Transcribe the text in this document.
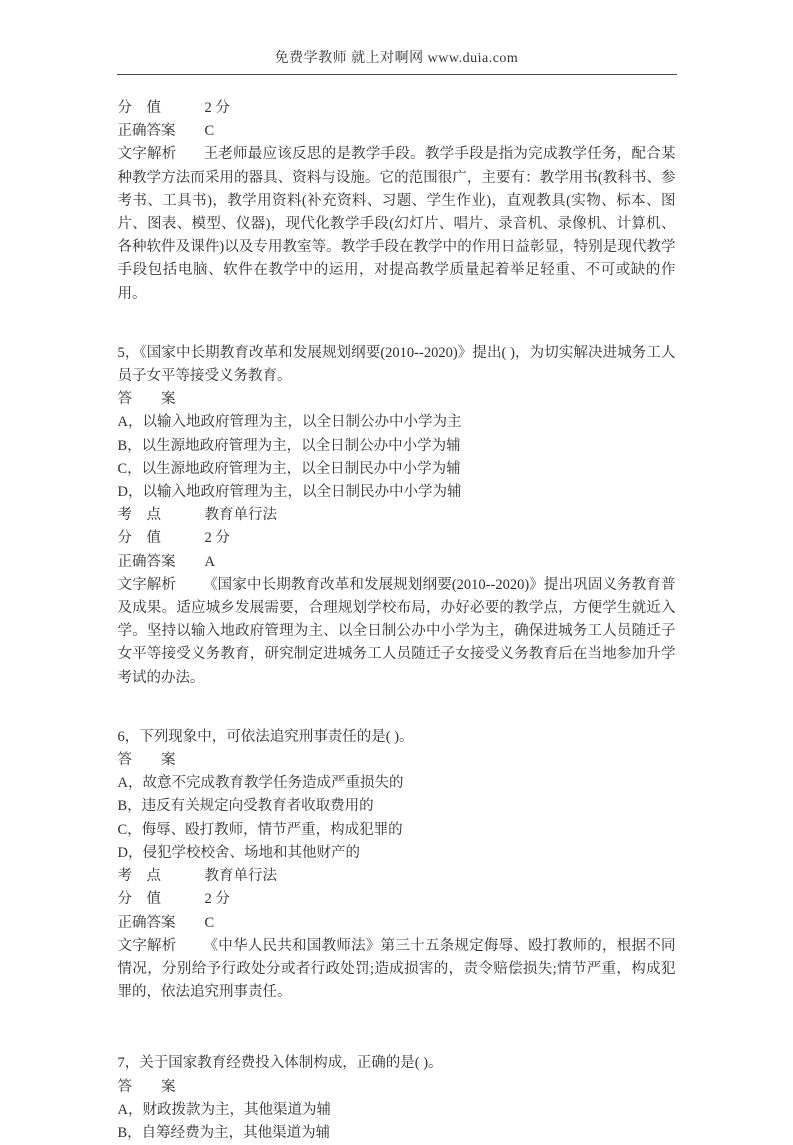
免费学教师 就上对啊网 www.duia.com
分　值	2 分
正确答案	C

文字解析 王老师最应该反思的是教学手段。教学手段是指为完成教学任务，配合某种教学方法而采用的器具、资料与设施。它的范围很广，主要有：教学用书(教科书、参考书、工具书)，教学用资料(补充资料、习题、学生作业)，直观教具(实物、标本、图片、图表、模型、仪器)，现代化教学手段(幻灯片、唱片、录音机、录像机、计算机、各种软件及课件)以及专用教室等。教学手段在教学中的作用日益彰显，特别是现代教学手段包括电脑、软件在教学中的运用，对提高教学质量起着举足轻重、不可或缺的作用。

5，《国家中长期教育改革和发展规划纲要(2010--2020)》提出( )，为切实解决进城务工人员子女平等接受义务教育。

答　　案

A，以输入地政府管理为主，以全日制公办中小学为主

B，以生源地政府管理为主，以全日制公办中小学为辅

C，以生源地政府管理为主，以全日制民办中小学为辅

D，以输入地政府管理为主，以全日制民办中小学为辅

考　点	教育单行法
分　值	2 分
正确答案	A

文字解析 《国家中长期教育改革和发展规划纲要(2010--2020)》提出巩固义务教育普及成果。适应城乡发展需要，合理规划学校布局，办好必要的教学点，方便学生就近入学。坚持以输入地政府管理为主、以全日制公办中小学为主，确保进城务工人员随迁子女平等接受义务教育，研究制定进城务工人员随迁子女接受义务教育后在当地参加升学考试的办法。

6，下列现象中，可依法追究刑事责任的是( )。

答　　案

A，故意不完成教育教学任务造成严重损失的

B，违反有关规定向受教育者收取费用的

C，侮辱、殴打教师，情节严重，构成犯罪的

D，侵犯学校校舍、场地和其他财产的

考　点	教育单行法
分　值	2 分
正确答案	C

文字解析 《中华人民共和国教师法》第三十五条规定侮辱、殴打教师的，根据不同情况，分别给予行政处分或者行政处罚;造成损害的，责令赔偿损失;情节严重，构成犯罪的，依法追究刑事责任。

7，关于国家教育经费投入体制构成，正确的是( )。

答　　案

A，财政拨款为主，其他渠道为辅

B，自筹经费为主，其他渠道为辅
